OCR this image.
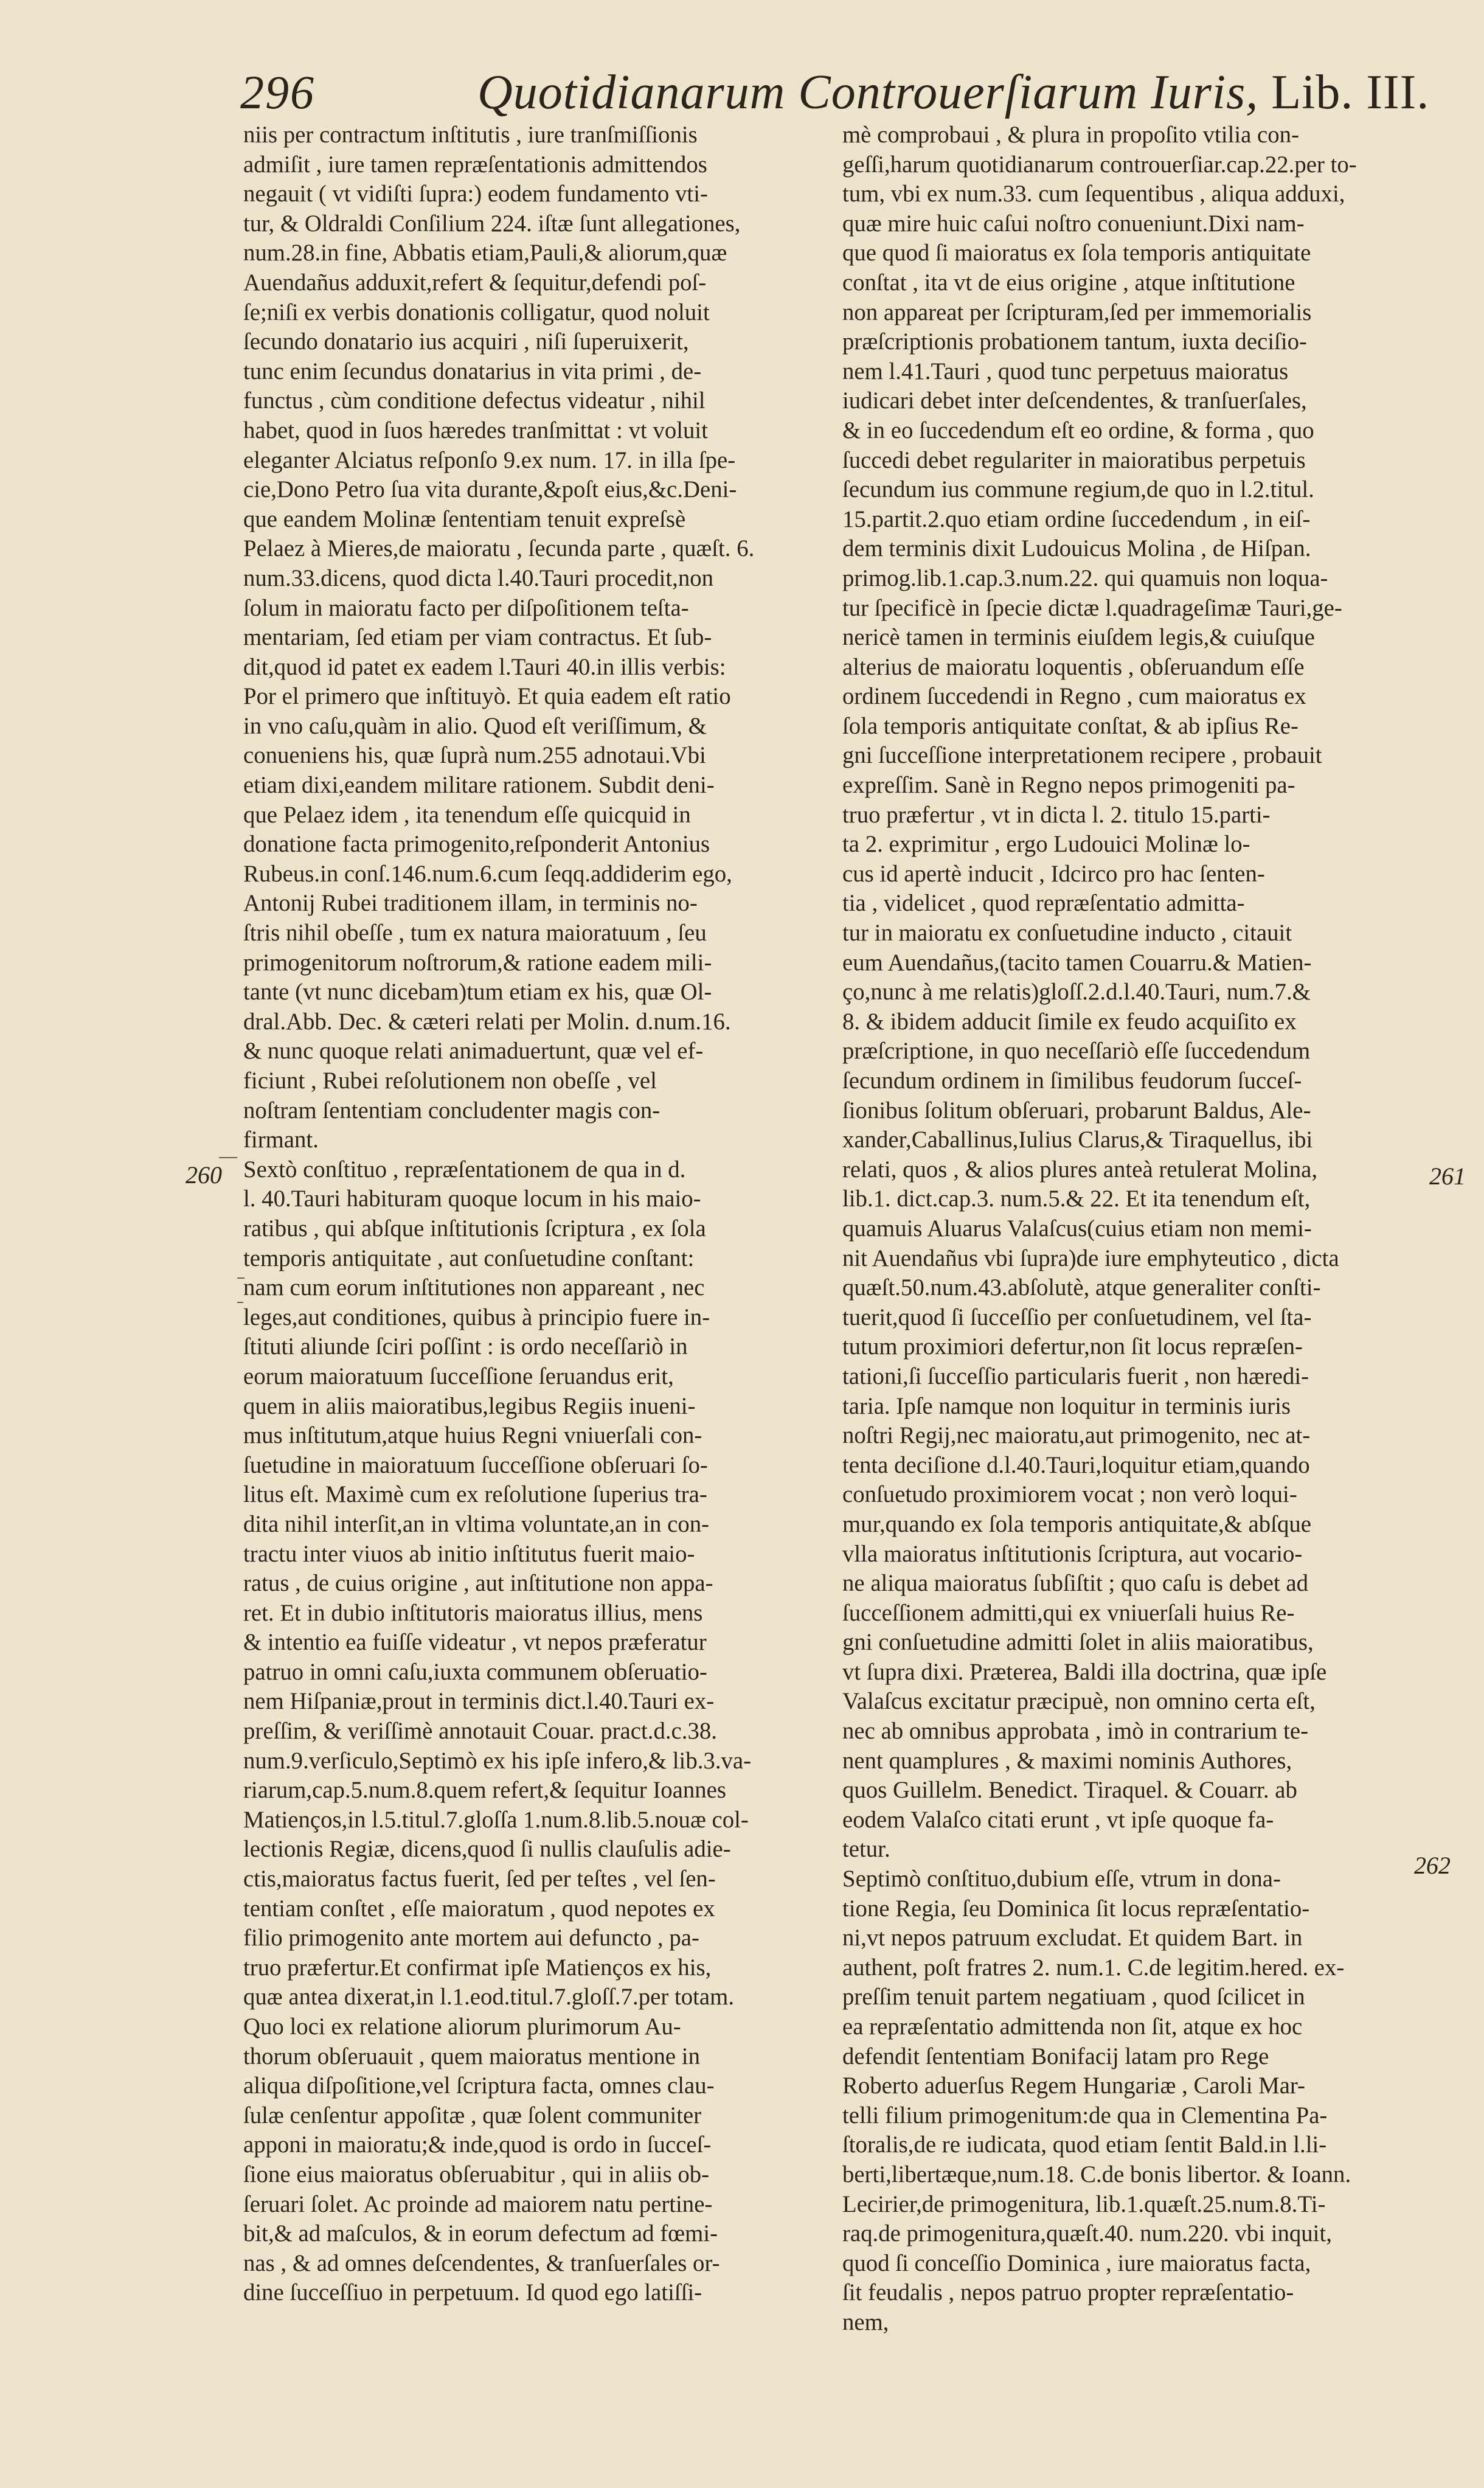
296	Quotidianarum Controuerſiarum Iuris, Lib. III.
260	261
262
niis per contractum inſtitutis , iure tranſmiſſionis
admiſit , iure tamen repræſentationis admittendos
negauit ( vt vidiſti ſupra:) eodem fundamento vti-
tur, & Oldraldi Conſilium 224. iſtæ ſunt allegationes,
num.28.in fine, Abbatis etiam,Pauli,& aliorum,quæ
Auendañus adduxit,refert & ſequitur,defendi poſ-
ſe;niſi ex verbis donationis colligatur, quod noluit
ſecundo donatario ius acquiri , niſi ſuperuixerit,
tunc enim ſecundus donatarius in vita primi , de-
functus , cùm conditione defectus videatur , nihil
habet, quod in ſuos hæredes tranſmittat : vt voluit
eleganter Alciatus reſponſo 9.ex num. 17. in illa ſpe-
cie,Dono Petro ſua vita durante,&poſt eius,&c.Deni-
que eandem Molinæ ſententiam tenuit expreſsè
Pelaez à Mieres,de maioratu , ſecunda parte , quæſt. 6.
num.33.dicens, quod dicta l.40.Tauri procedit,non
ſolum in maioratu facto per diſpoſitionem teſta-
mentariam, ſed etiam per viam contractus. Et ſub-
dit,quod id patet ex eadem l.Tauri 40.in illis verbis:
Por el primero que inſtituyò. Et quia eadem eſt ratio
in vno caſu,quàm in alio. Quod eſt veriſſimum, &
conueniens his, quæ ſuprà num.255 adnotaui.Vbi
etiam dixi,eandem militare rationem. Subdit deni-
que Pelaez idem , ita tenendum eſſe quicquid in
donatione facta primogenito,reſponderit Antonius
Rubeus.in conſ.146.num.6.cum ſeqq.addiderim ego,
Antonij Rubei traditionem illam, in terminis no-
ſtris nihil obeſſe , tum ex natura maioratuum , ſeu
primogenitorum noſtrorum,& ratione eadem mili-
tante (vt nunc dicebam)tum etiam ex his, quæ Ol-
dral.Abb. Dec. & cæteri relati per Molin. d.num.16.
& nunc quoque relati animaduertunt, quæ vel ef-
ficiunt , Rubei reſolutionem non obeſſe , vel
noſtram ſententiam concludenter magis con-
firmant.
Sextò conſtituo , repræſentationem de qua in d.
l. 40.Tauri habituram quoque locum in his maio-
ratibus , qui abſque inſtitutionis ſcriptura , ex ſola
temporis antiquitate , aut conſuetudine conſtant:
nam cum eorum inſtitutiones non appareant , nec
leges,aut conditiones, quibus à principio fuere in-
ſtituti aliunde ſciri poſſint : is ordo neceſſariò in
eorum maioratuum ſucceſſione ſeruandus erit,
quem in aliis maioratibus,legibus Regiis inueni-
mus inſtitutum,atque huius Regni vniuerſali con-
ſuetudine in maioratuum ſucceſſione obſeruari ſo-
litus eſt. Maximè cum ex reſolutione ſuperius tra-
dita nihil interſit,an in vltima voluntate,an in con-
tractu inter viuos ab initio inſtitutus fuerit maio-
ratus , de cuius origine , aut inſtitutione non appa-
ret. Et in dubio inſtitutoris maioratus illius, mens
& intentio ea fuiſſe videatur , vt nepos præferatur
patruo in omni caſu,iuxta communem obſeruatio-
nem Hiſpaniæ,prout in terminis dict.l.40.Tauri ex-
preſſim, & veriſſimè annotauit Couar. pract.d.c.38.
num.9.verſiculo,Septimò ex his ipſe infero,& lib.3.va-
riarum,cap.5.num.8.quem refert,& ſequitur Ioannes
Matienços,in l.5.titul.7.gloſſa 1.num.8.lib.5.nouæ col-
lectionis Regiæ, dicens,quod ſi nullis clauſulis adie-
ctis,maioratus factus fuerit, ſed per teſtes , vel ſen-
tentiam conſtet , eſſe maioratum , quod nepotes ex
filio primogenito ante mortem aui defuncto , pa-
truo præfertur.Et confirmat ipſe Matienços ex his,
quæ antea dixerat,in l.1.eod.titul.7.gloſſ.7.per totam.
Quo loci ex relatione aliorum plurimorum Au-
thorum obſeruauit , quem maioratus mentione in
aliqua diſpoſitione,vel ſcriptura facta, omnes clau-
ſulæ cenſentur appoſitæ , quæ ſolent communiter
apponi in maioratu;& inde,quod is ordo in ſucceſ-
ſione eius maioratus obſeruabitur , qui in aliis ob-
ſeruari ſolet. Ac proinde ad maiorem natu pertine-
bit,& ad maſculos, & in eorum defectum ad fœmi-
nas , & ad omnes deſcendentes, & tranſuerſales or-
dine ſucceſſiuo in perpetuum. Id quod ego latiſſi-
mè comprobaui , & plura in propoſito vtilia con-
geſſi,harum quotidianarum controuerſiar.cap.22.per to-
tum, vbi ex num.33. cum ſequentibus , aliqua adduxi,
quæ mire huic caſui noſtro conueniunt.Dixi nam-
que quod ſi maioratus ex ſola temporis antiquitate
conſtat , ita vt de eius origine , atque inſtitutione
non appareat per ſcripturam,ſed per immemorialis
præſcriptionis probationem tantum, iuxta deciſio-
nem l.41.Tauri , quod tunc perpetuus maioratus
iudicari debet inter deſcendentes, & tranſuerſales,
& in eo ſuccedendum eſt eo ordine, & forma , quo
ſuccedi debet regulariter in maioratibus perpetuis
ſecundum ius commune regium,de quo in l.2.titul.
15.partit.2.quo etiam ordine ſuccedendum , in eiſ-
dem terminis dixit Ludouicus Molina , de Hiſpan.
primog.lib.1.cap.3.num.22. qui quamuis non loqua-
tur ſpecificè in ſpecie dictæ l.quadrageſimæ Tauri,ge-
nericè tamen in terminis eiuſdem legis,& cuiuſque
alterius de maioratu loquentis , obſeruandum eſſe
ordinem ſuccedendi in Regno , cum maioratus ex
ſola temporis antiquitate conſtat, & ab ipſius Re-
gni ſucceſſione interpretationem recipere , probauit
expreſſim. Sanè in Regno nepos primogeniti pa-
truo præfertur , vt in dicta l. 2. titulo 15.parti-
ta 2. exprimitur , ergo Ludouici Molinæ lo-
cus id apertè inducit , Idcirco pro hac ſenten-
tia , videlicet , quod repræſentatio admitta-
tur in maioratu ex conſuetudine inducto , citauit
eum Auendañus,(tacito tamen Couarru.& Matien-
ço,nunc à me relatis)gloſſ.2.d.l.40.Tauri, num.7.&
8. & ibidem adducit ſimile ex feudo acquiſito ex
præſcriptione, in quo neceſſariò eſſe ſuccedendum
ſecundum ordinem in ſimilibus feudorum ſucceſ-
ſionibus ſolitum obſeruari, probarunt Baldus, Ale-
xander,Caballinus,Iulius Clarus,& Tiraquellus, ibi
relati, quos , & alios plures anteà retulerat Molina,
lib.1. dict.cap.3. num.5.& 22. Et ita tenendum eſt,
quamuis Aluarus Valaſcus(cuius etiam non memi-
nit Auendañus vbi ſupra)de iure emphyteutico , dicta
quæſt.50.num.43.abſolutè, atque generaliter conſti-
tuerit,quod ſi ſucceſſio per conſuetudinem, vel ſta-
tutum proximiori defertur,non ſit locus repræſen-
tationi,ſi ſucceſſio particularis fuerit , non hæredi-
taria. Ipſe namque non loquitur in terminis iuris
noſtri Regij,nec maioratu,aut primogenito, nec at-
tenta deciſione d.l.40.Tauri,loquitur etiam,quando
conſuetudo proximiorem vocat ; non verò loqui-
mur,quando ex ſola temporis antiquitate,& abſque
vlla maioratus inſtitutionis ſcriptura, aut vocario-
ne aliqua maioratus ſubſiſtit ; quo caſu is debet ad
ſucceſſionem admitti,qui ex vniuerſali huius Re-
gni conſuetudine admitti ſolet in aliis maioratibus,
vt ſupra dixi. Præterea, Baldi illa doctrina, quæ ipſe
Valaſcus excitatur præcipuè, non omnino certa eſt,
nec ab omnibus approbata , imò in contrarium te-
nent quamplures , & maximi nominis Authores,
quos Guillelm. Benedict. Tiraquel. & Couarr. ab
eodem Valaſco citati erunt , vt ipſe quoque fa-
tetur.
Septimò conſtituo,dubium eſſe, vtrum in dona-
tione Regia, ſeu Dominica ſit locus repræſentatio-
ni,vt nepos patruum excludat. Et quidem Bart. in
authent, poſt fratres 2. num.1. C.de legitim.hered. ex-
preſſim tenuit partem negatiuam , quod ſcilicet in
ea repræſentatio admittenda non ſit, atque ex hoc
defendit ſententiam Bonifacij latam pro Rege
Roberto aduerſus Regem Hungariæ , Caroli Mar-
telli filium primogenitum:de qua in Clementina Pa-
ſtoralis,de re iudicata, quod etiam ſentit Bald.in l.li-
berti,libertæque,num.18. C.de bonis libertor. & Ioann.
Lecirier,de primogenitura, lib.1.quæſt.25.num.8.Ti-
raq.de primogenitura,quæſt.40. num.220. vbi inquit,
quod ſi conceſſio Dominica , iure maioratus facta,
ſit feudalis , nepos patruo propter repræſentatio-
nem,
